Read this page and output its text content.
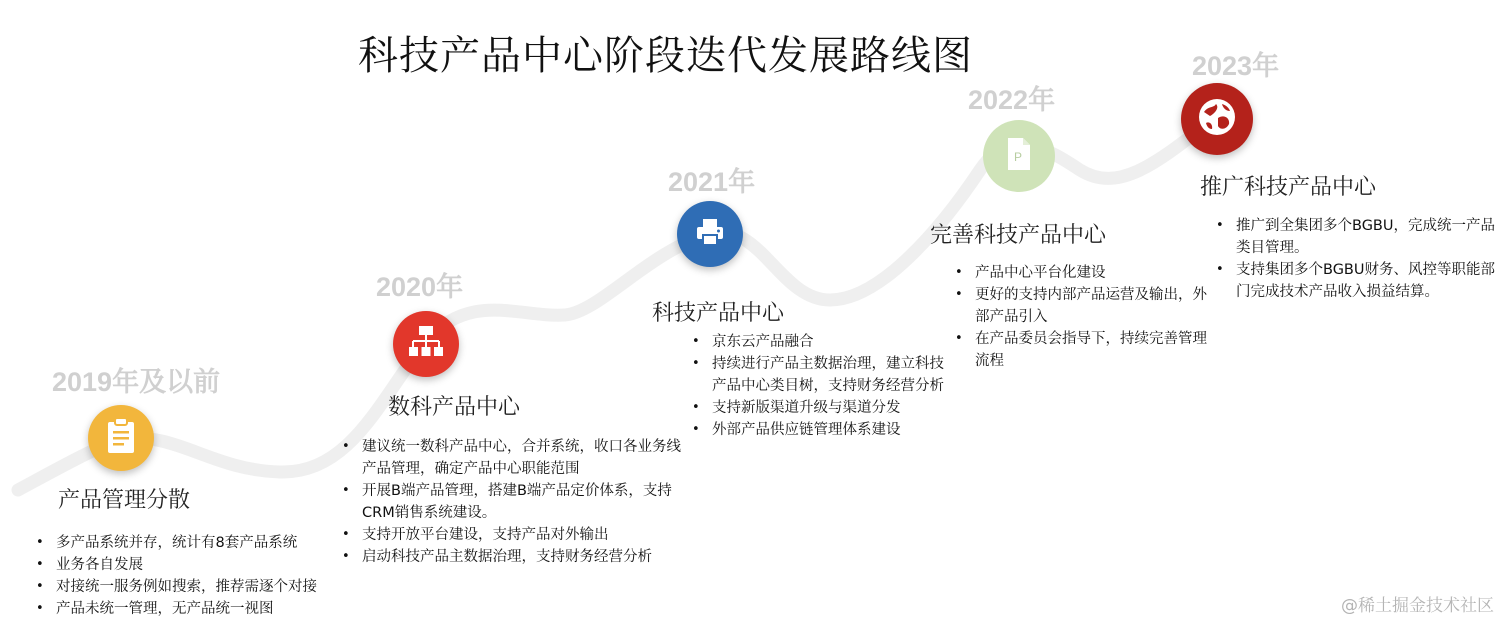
科技产品中心阶段迭代发展路线图
2019年及以前
产品管理分散
• 多产品系统并存，统计有8套产品系统
• 业务各自发展
• 对接统一服务例如搜索，推荐需逐个对接
• 产品未统一管理，无产品统一视图
2020年
数科产品中心
• 建议统一数科产品中心，合并系统，收口各业务线产品管理，确定产品中心职能范围
• 开展B端产品管理，搭建B端产品定价体系，支持CRM销售系统建设。
• 支持开放平台建设，支持产品对外输出
• 启动科技产品主数据治理，支持财务经营分析
2021年
科技产品中心
• 京东云产品融合
• 持续进行产品主数据治理，建立科技产品中心类目树，支持财务经营分析
• 支持新版渠道升级与渠道分发
• 外部产品供应链管理体系建设
2022年
P
完善科技产品中心
• 产品中心平台化建设
• 更好的支持内部产品运营及输出，外部产品引入
• 在产品委员会指导下，持续完善管理流程
2023年
推广科技产品中心
• 推广到全集团多个BGBU，完成统一产品类目管理。
• 支持集团多个BGBU财务、风控等职能部门完成技术产品收入损益结算。
@稀土掘金技术社区
